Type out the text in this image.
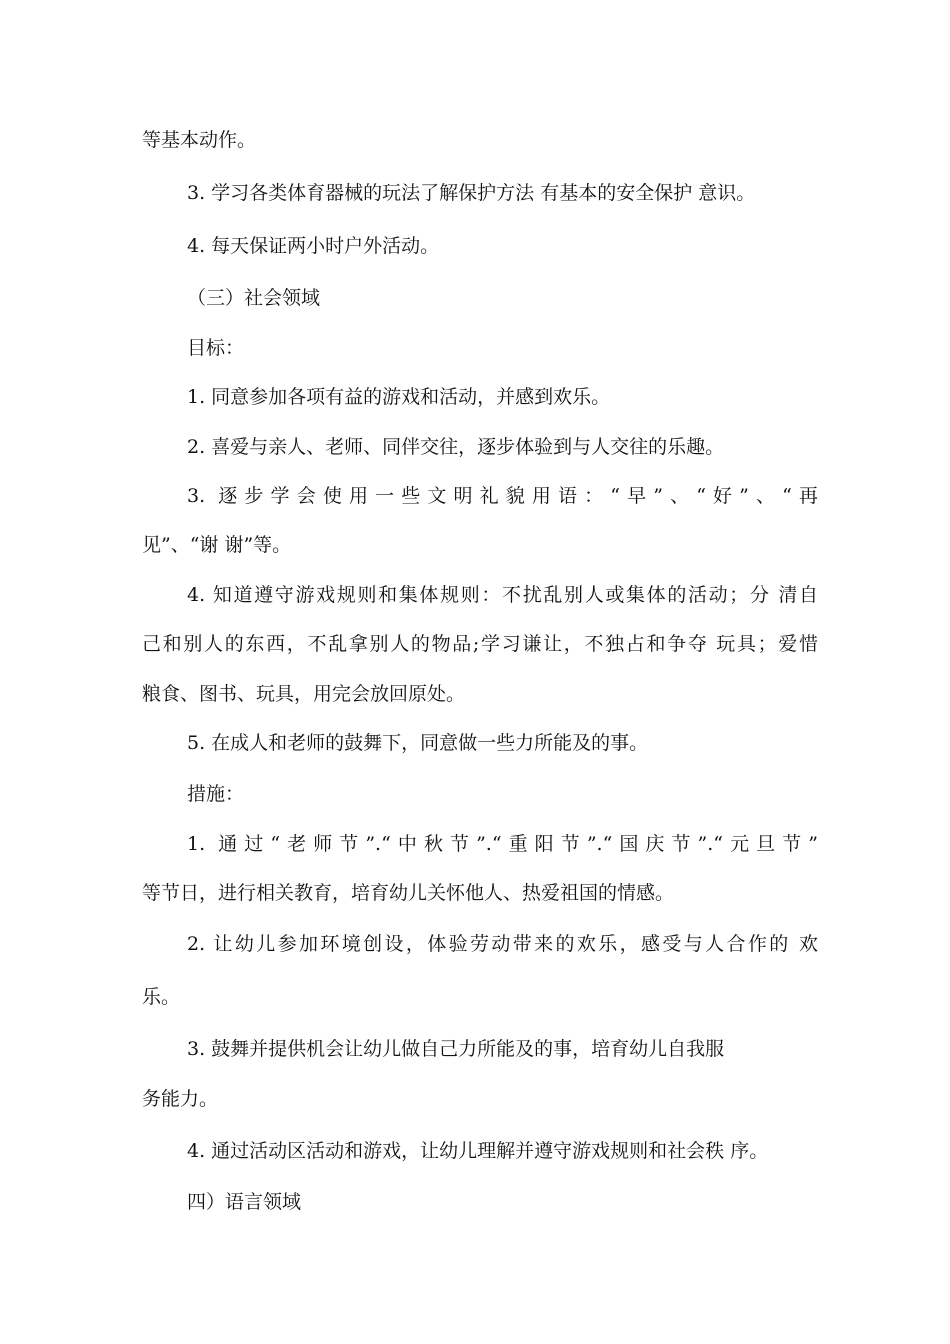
等基本动作。
3. 学习各类体育器械的玩法了解保护方法 有基本的安全保护 意识。
4. 每天保证两小时户外活动。
（三）社会领域
目标：
1. 同意参加各项有益的游戏和活动，并感到欢乐。
2. 喜爱与亲人、老师、同伴交往，逐步体验到与人交往的乐趣。
3. 逐步学会使用一些文明礼貌用语：“早”、“好”、“再
见”、“谢 谢”等。
4. 知道遵守游戏规则和集体规则：不扰乱别人或集体的活动；分 清自
己和别人的东西，不乱拿别人的物品;学习谦让，不独占和争夺 玩具；爱惜
粮食、图书、玩具，用完会放回原处。
5. 在成人和老师的鼓舞下，同意做一些力所能及的事。
措施：
1. 通过“老师节”.“中秋节”.“重阳节”.“国庆节”.“元旦节”
等节日，进行相关教育，培育幼儿关怀他人、热爱祖国的情感。
2. 让幼儿参加环境创设，体验劳动带来的欢乐，感受与人合作的 欢
乐。
3. 鼓舞并提供机会让幼儿做自己力所能及的事，培育幼儿自我服
务能力。
4. 通过活动区活动和游戏，让幼儿理解并遵守游戏规则和社会秩 序。
四）语言领域
